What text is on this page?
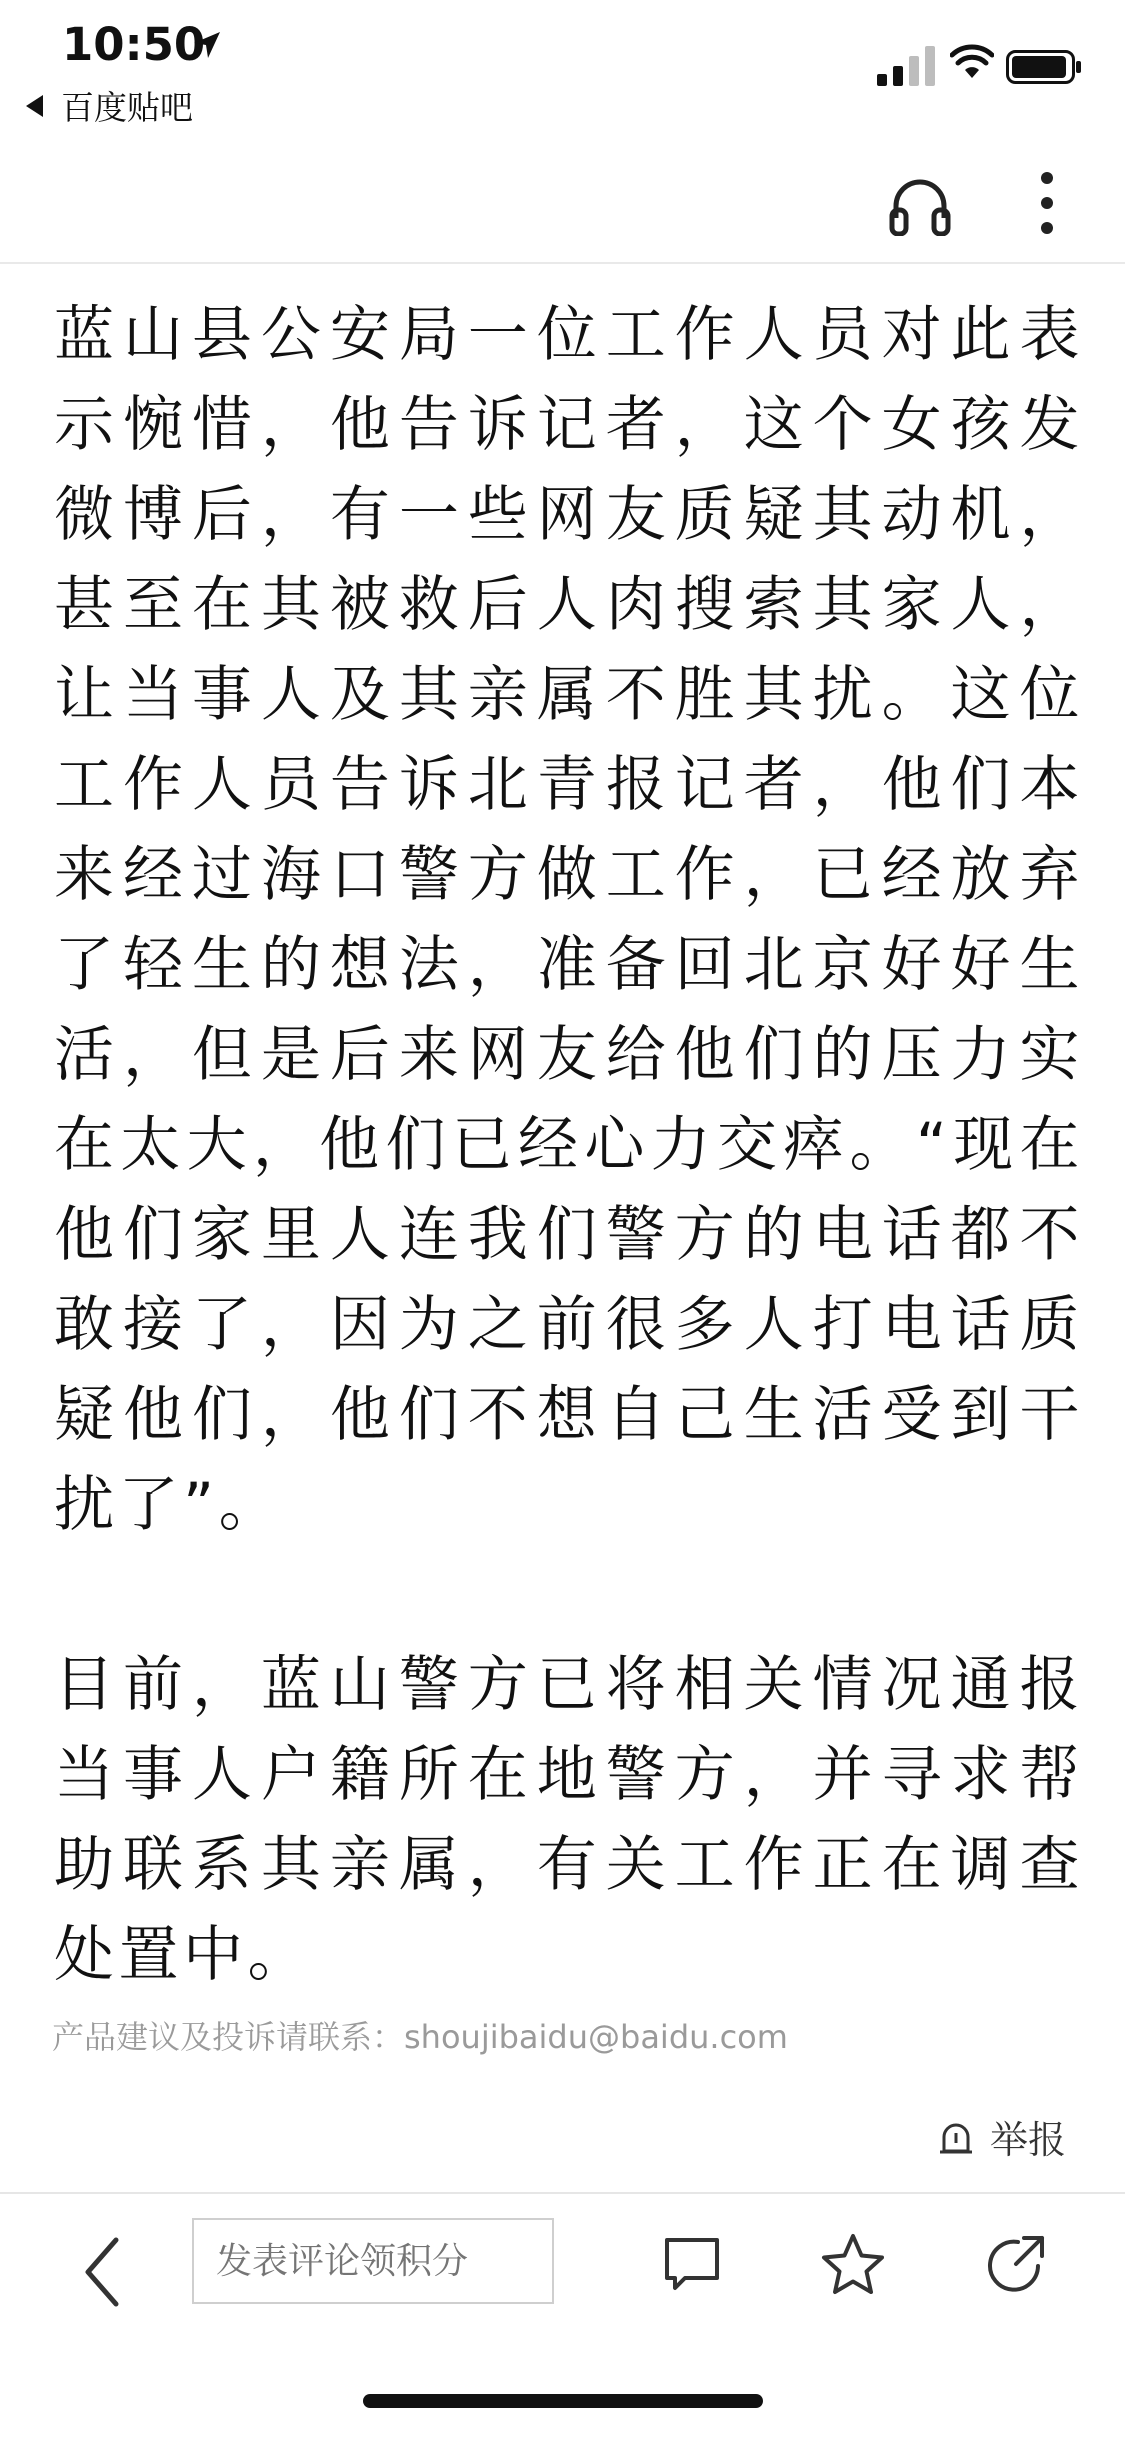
10:50
百度贴吧

蓝山县公安局一位工作人员对此表示惋惜，他告诉记者，这个女孩发微博后，有一些网友质疑其动机，甚至在其被救后人肉搜索其家人，让当事人及其亲属不胜其扰。这位工作人员告诉北青报记者，他们本来经过海口警方做工作，已经放弃了轻生的想法，准备回北京好好生活，但是后来网友给他们的压力实在太大，他们已经心力交瘁。“现在他们家里人连我们警方的电话都不敢接了，因为之前很多人打电话质疑他们，他们不想自己生活受到干扰了”。

目前，蓝山警方已将相关情况通报当事人户籍所在地警方，并寻求帮助联系其亲属，有关工作正在调查处置中。

产品建议及投诉请联系：shoujibaidu@baidu.com
举报
发表评论领积分
